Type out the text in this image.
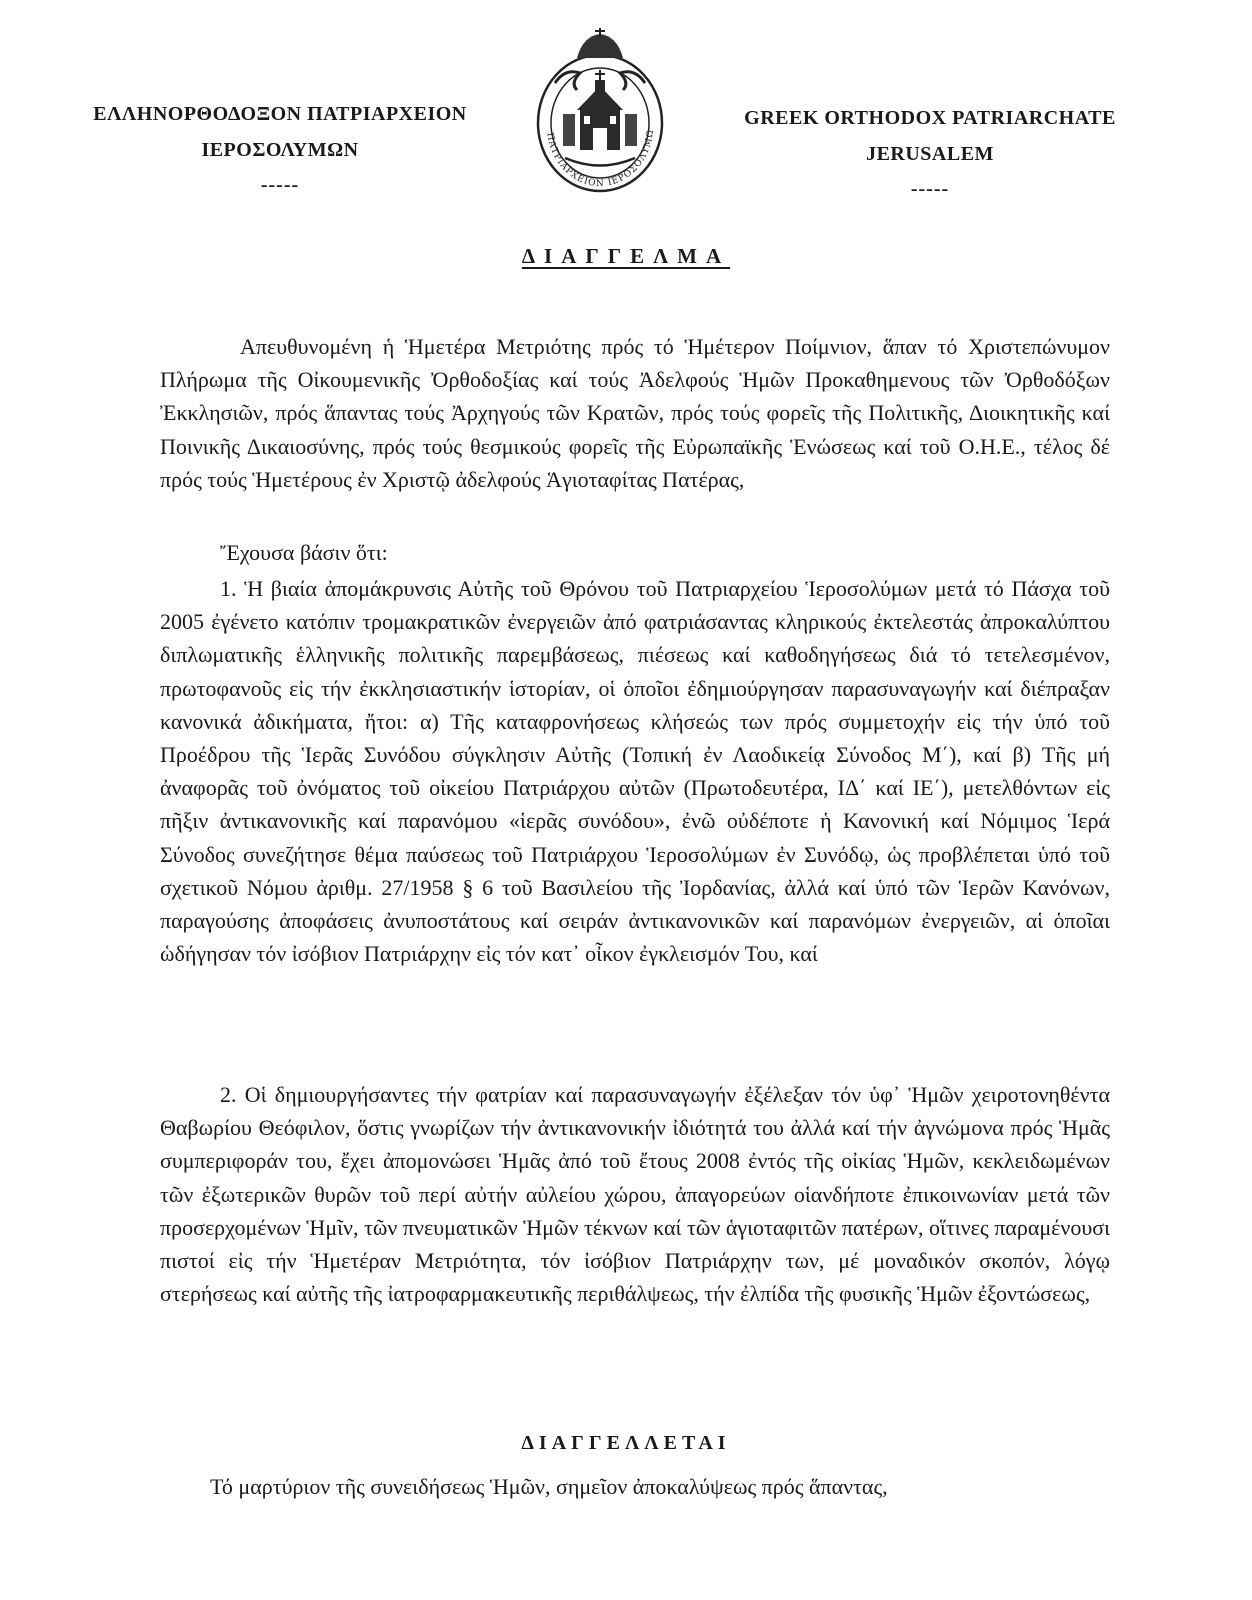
ΕΛΛΗΝΟΡΘΟΔΟΞΟΝ ΠΑΤΡΙΑΡΧΕΙΟΝ
ΙΕΡΟΣΟΛΥΜΩΝ
-----
ΠΑΤΡΙΑΡΧΕΙΟΝ ΙΕΡΟΣΟΛΥΜΩ
GREEK ORTHODOX PATRIARCHATE
JERUSALEM
-----
ΔΙΑΓΓΕΛΜΑ

Απευθυνομένη ἡ Ἡμετέρα Μετριότης πρός τό Ἡμέτερον Ποίμνιον, ἅπαν τό Χριστεπώνυμον Πλήρωμα τῆς Οἰκουμενικῆς Ὀρθοδοξίας καί τούς Ἀδελφούς Ἡμῶν Προκαθημενους τῶν Ὀρθοδόξων Ἐκκλησιῶν, πρός ἅπαντας τούς Ἀρχηγούς τῶν Κρατῶν, πρός τούς φορεῖς τῆς Πολιτικῆς, Διοικητικῆς καί Ποινικῆς Δικαιοσύνης, πρός τούς θεσμικούς φορεῖς τῆς Εὐρωπαϊκῆς Ἑνώσεως καί τοῦ Ο.Η.Ε., τέλος δέ πρός τούς Ἡμετέρους ἐν Χριστῷ ἀδελφούς Ἁγιοταφίτας Πατέρας,

Ἔχουσα βάσιν ὅτι:

1. Ἡ βιαία ἀπομάκρυνσις Αὐτῆς τοῦ Θρόνου τοῦ Πατριαρχείου Ἱεροσολύμων μετά τό Πάσχα τοῦ 2005 ἐγένετο κατόπιν τρομακρατικῶν ἐνεργειῶν ἀπό φατριάσαντας κληρικούς ἐκτελεστάς ἀπροκαλύπτου διπλωματικῆς ἑλληνικῆς πολιτικῆς παρεμβάσεως, πιέσεως καί καθοδηγήσεως διά τό τετελεσμένον, πρωτοφανοῦς εἰς τήν ἐκκλησιαστικήν ἱστορίαν, οἱ ὁποῖοι ἐδημιούργησαν παρασυναγωγήν καί διέπραξαν κανονικά ἀδικήματα, ἤτοι: α) Τῆς καταφρονήσεως κλήσεώς των πρός συμμετοχήν εἰς τήν ὑπό τοῦ Προέδρου τῆς Ἱερᾶς Συνόδου σύγκλησιν Αὐτῆς (Τοπική ἐν Λαοδικείᾳ Σύνοδος Μ΄), καί β) Τῆς μή ἀναφορᾶς τοῦ ὀνόματος τοῦ οἰκείου Πατριάρχου αὐτῶν (Πρωτοδευτέρα, ΙΔ΄ καί ΙΕ΄), μετελθόντων εἰς πῆξιν ἀντικανονικῆς καί παρανόμου «ἱερᾶς συνόδου», ἐνῶ οὐδέποτε ἡ Κανονική καί Νόμιμος Ἱερά Σύνοδος συνεζήτησε θέμα παύσεως τοῦ Πατριάρχου Ἱεροσολύμων ἐν Συνόδῳ, ὡς προβλέπεται ὑπό τοῦ σχετικοῦ Νόμου ἀριθμ. 27/1958 § 6 τοῦ Βασιλείου τῆς Ἰορδανίας, ἀλλά καί ὑπό τῶν Ἱερῶν Κανόνων, παραγούσης ἀποφάσεις ἀνυποστάτους καί σειράν ἀντικανονικῶν καί παρανόμων ἐνεργειῶν, αἱ ὁποῖαι ὡδήγησαν τόν ἰσόβιον Πατριάρχην εἰς τόν κατ᾽ οἶκον ἐγκλεισμόν Του, καί

2. Οἱ δημιουργήσαντες τήν φατρίαν καί παρασυναγωγήν ἐξέλεξαν τόν ὑφ᾽ Ἡμῶν χειροτονηθέντα Θαβωρίου Θεόφιλον, ὅστις γνωρίζων τήν ἀντικανονικήν ἰδιότητά του ἀλλά καί τήν ἀγνώμονα πρός Ἡμᾶς συμπεριφοράν του, ἔχει ἀπομονώσει Ἡμᾶς ἀπό τοῦ ἔτους 2008 ἐντός τῆς οἰκίας Ἡμῶν, κεκλειδωμένων τῶν ἐξωτερικῶν θυρῶν τοῦ περί αὐτήν αὐλείου χώρου, ἀπαγορεύων οἱανδήποτε ἐπικοινωνίαν μετά τῶν προσερχομένων Ἡμῖν, τῶν πνευματικῶν Ἡμῶν τέκνων καί τῶν ἁγιοταφιτῶν πατέρων, οἵτινες παραμένουσι πιστοί εἰς τήν Ἡμετέραν Μετριότητα, τόν ἰσόβιον Πατριάρχην των, μέ μοναδικόν σκοπόν, λόγῳ στερήσεως καί αὐτῆς τῆς ἰατροφαρμακευτικῆς περιθάλψεως, τήν ἐλπίδα τῆς φυσικῆς Ἡμῶν ἐξοντώσεως,

ΔΙΑΓΓΕΛΛΕΤΑΙ

Τό μαρτύριον τῆς συνειδήσεως Ἡμῶν, σημεῖον ἀποκαλύψεως πρός ἅπαντας,
